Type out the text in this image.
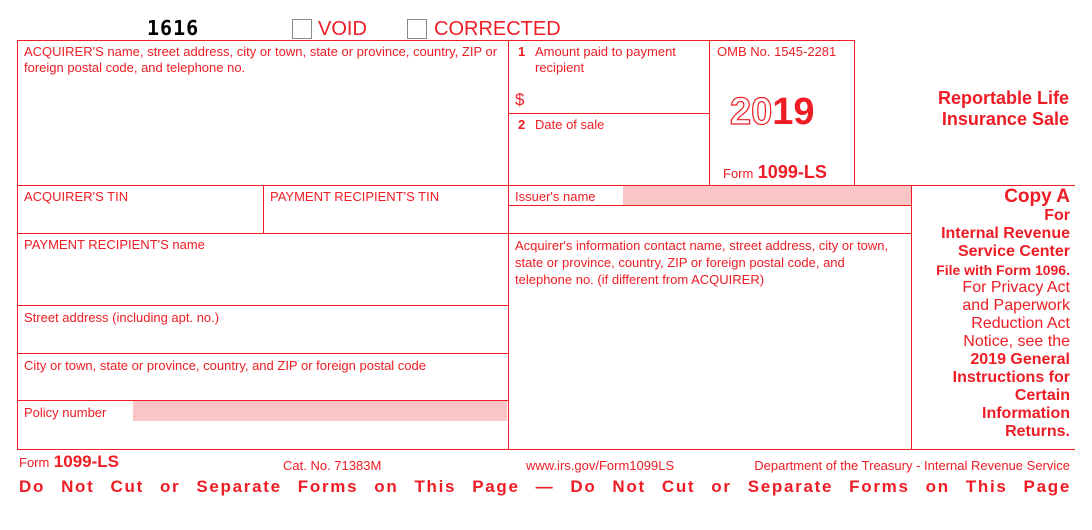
1616	VOID	CORRECTED
ACQUIRER'S name, street address, city or town, state or province, country, ZIP or foreign postal code, and telephone no.
1 Amount paid to payment recipient
$
2 Date of sale
OMB No. 1545-2281
2019
Form 1099-LS
Reportable Life
Insurance Sale
ACQUIRER'S TIN	PAYMENT RECIPIENT'S TIN	Issuer's name
PAYMENT RECIPIENT'S name	Acquirer's information contact name, street address, city or town, state or province, country, ZIP or foreign postal code, and telephone no. (if different from ACQUIRER)
Street address (including apt. no.)
City or town, state or province, country, and ZIP or foreign postal code
Policy number
Copy A
For
Internal Revenue
Service Center
File with Form 1096.
For Privacy Act
and Paperwork
Reduction Act
Notice, see the
2019 General
Instructions for
Certain
Information
Returns.
Form 1099-LS	Cat. No. 71383M	www.irs.gov/Form1099LS	Department of the Treasury - Internal Revenue Service
Do Not Cut or Separate Forms on This Page — Do Not Cut or Separate Forms on This Page
